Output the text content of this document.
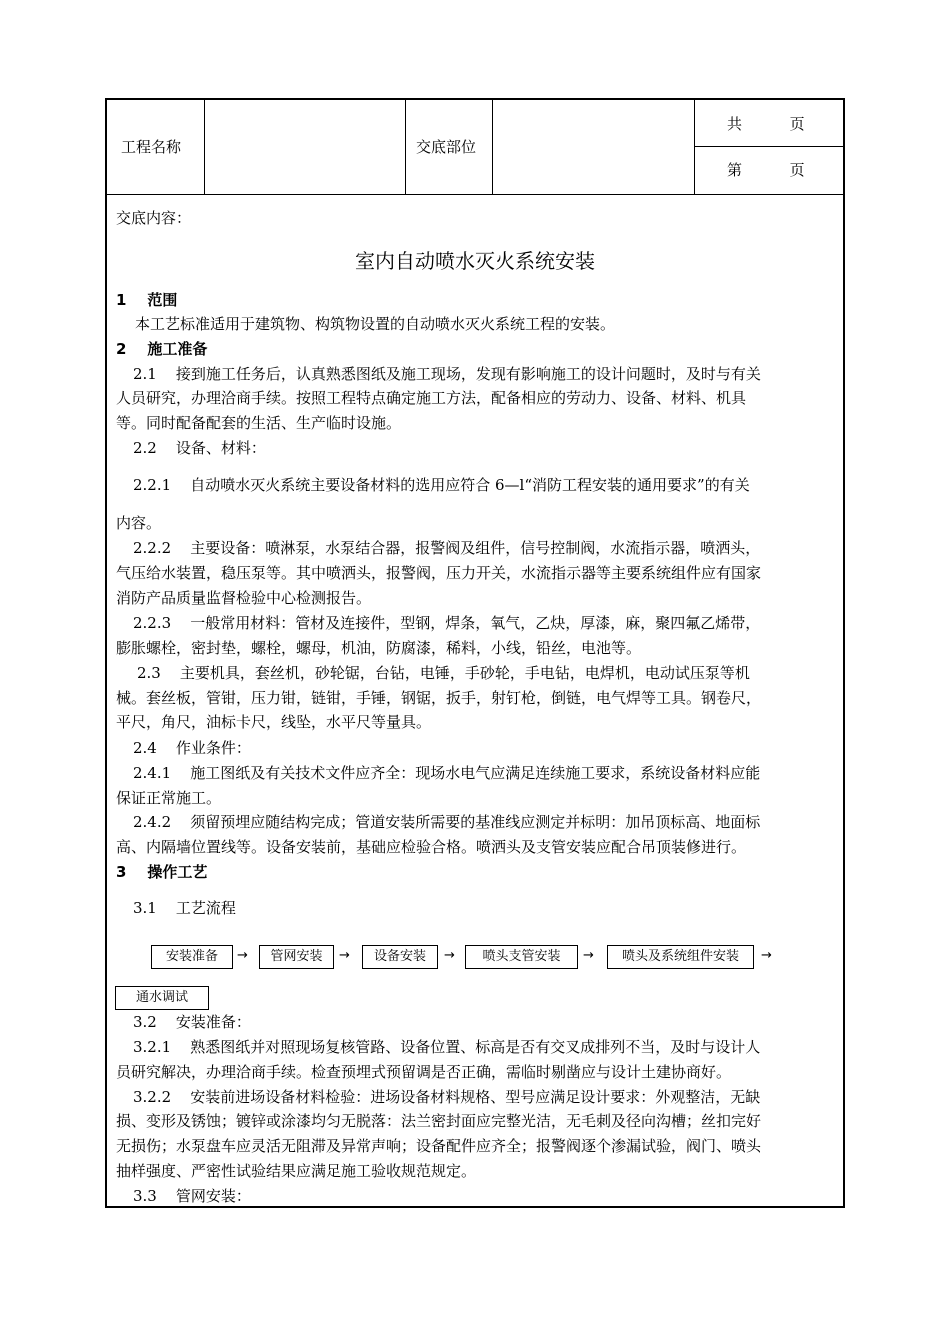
工程名称	交底部位
共          页
第          页
交底内容：
室内自动喷水灭火系统安装
1    范围
本工艺标准适用于建筑物、构筑物设置的自动喷水灭火系统工程的安装。
2    施工准备
2.1    接到施工任务后，认真熟悉图纸及施工现场，发现有影响施工的设计问题时，及时与有关
人员研究，办理洽商手续。按照工程特点确定施工方法，配备相应的劳动力、设备、材料、机具
等。同时配备配套的生活、生产临时设施。
2.2    设备、材料：
2.2.1    自动喷水灭火系统主要设备材料的选用应符合 6—l“消防工程安装的通用要求”的有关
内容。
2.2.2    主要设备：喷淋泵，水泵结合器，报警阀及组件，信号控制阀，水流指示器，喷洒头，
气压给水装置，稳压泵等。其中喷洒头，报警阀，压力开关，水流指示器等主要系统组件应有国家
消防产品质量监督检验中心检测报告。
2.2.3    一般常用材料：管材及连接件，型钢，焊条，氧气，乙炔，厚漆，麻，聚四氟乙烯带，
膨胀螺栓，密封垫，螺栓，螺母，机油，防腐漆，稀料，小线，铅丝，电池等。
2.3    主要机具，套丝机，砂轮锯，台钻，电锤，手砂轮，手电钻，电焊机，电动试压泵等机
械。套丝板，管钳，压力钳，链钳，手锤，钢锯，扳手，射钉枪，倒链，电气焊等工具。钢卷尺，
平尺，角尺，油标卡尺，线坠，水平尺等量具。
2.4    作业条件：
2.4.1    施工图纸及有关技术文件应齐全：现场水电气应满足连续施工要求，系统设备材料应能
保证正常施工。
2.4.2    须留预埋应随结构完成；管道安装所需要的基准线应测定并标明：加吊顶标高、地面标
高、内隔墙位置线等。设备安装前，基础应检验合格。喷洒头及支管安装应配合吊顶装修进行。
3    操作工艺
3.1    工艺流程
安装准备	→	管网安装	→	设备安装	→	喷头支管安装	→	喷头及系统组件安装	→
通水调试
3.2    安装准备：
3.2.1    熟悉图纸并对照现场复核管路、设备位置、标高是否有交叉成排列不当，及时与设计人
员研究解决，办理洽商手续。检查预埋式预留调是否正确，需临时剔凿应与设计土建协商好。
3.2.2    安装前进场设备材料检验：进场设备材料规格、型号应满足设计要求：外观整洁，无缺
损、变形及锈蚀；镀锌或涂漆均匀无脱落：法兰密封面应完整光洁，无毛刺及径向沟槽；丝扣完好
无损伤；水泵盘车应灵活无阻滞及异常声响；设备配件应齐全；报警阀逐个渗漏试验，阀门、喷头
抽样强度、严密性试验结果应满足施工验收规范规定。
3.3    管网安装：
